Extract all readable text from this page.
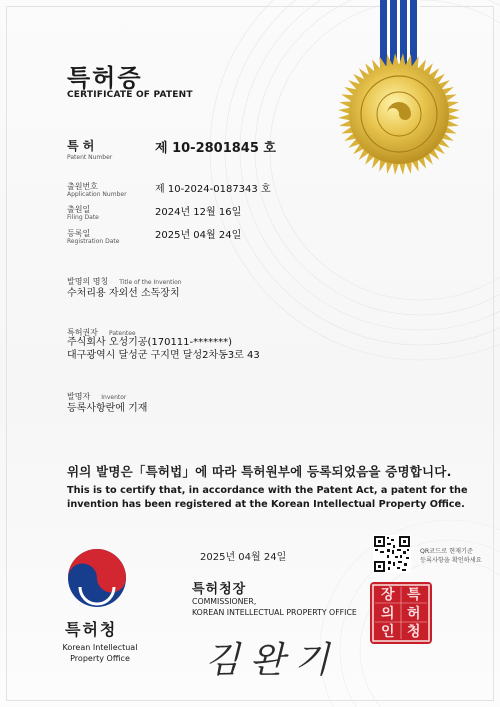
특허증
CERTIFICATE OF PATENT
특 허
Patent Number
제 10-2801845 호
출원번호
Application Number	제 10-2024-0187343 호
출원일
Filing Date	2024년 12월 16일
등록일
Registration Date
2025년 04월 24일
발명의 명칭 Title of the Invention
수처리용 자외선 소독장치
특허권자 Patentee
주식회사 오성기공(170111-*******)
대구광역시 달성군 구지면 달성2차동3로 43
발명자 Inventor
등록사항란에 기재
위의 발명은「특허법」에 따라 특허원부에 등록되었음을 증명합니다.
This is to certify that, in accordance with the Patent Act, a patent for the invention has been registered at the Korean Intellectual Property Office.
특허청
Korean Intellectual
Property Office
2025년 04월 24일
특허청장
COMMISSIONER,
KOREAN INTELLECTUAL PROPERTY OFFICE
김완기
QR코드로 현재기준
등록사항을 확인하세요
특
허
청
장
의
인
